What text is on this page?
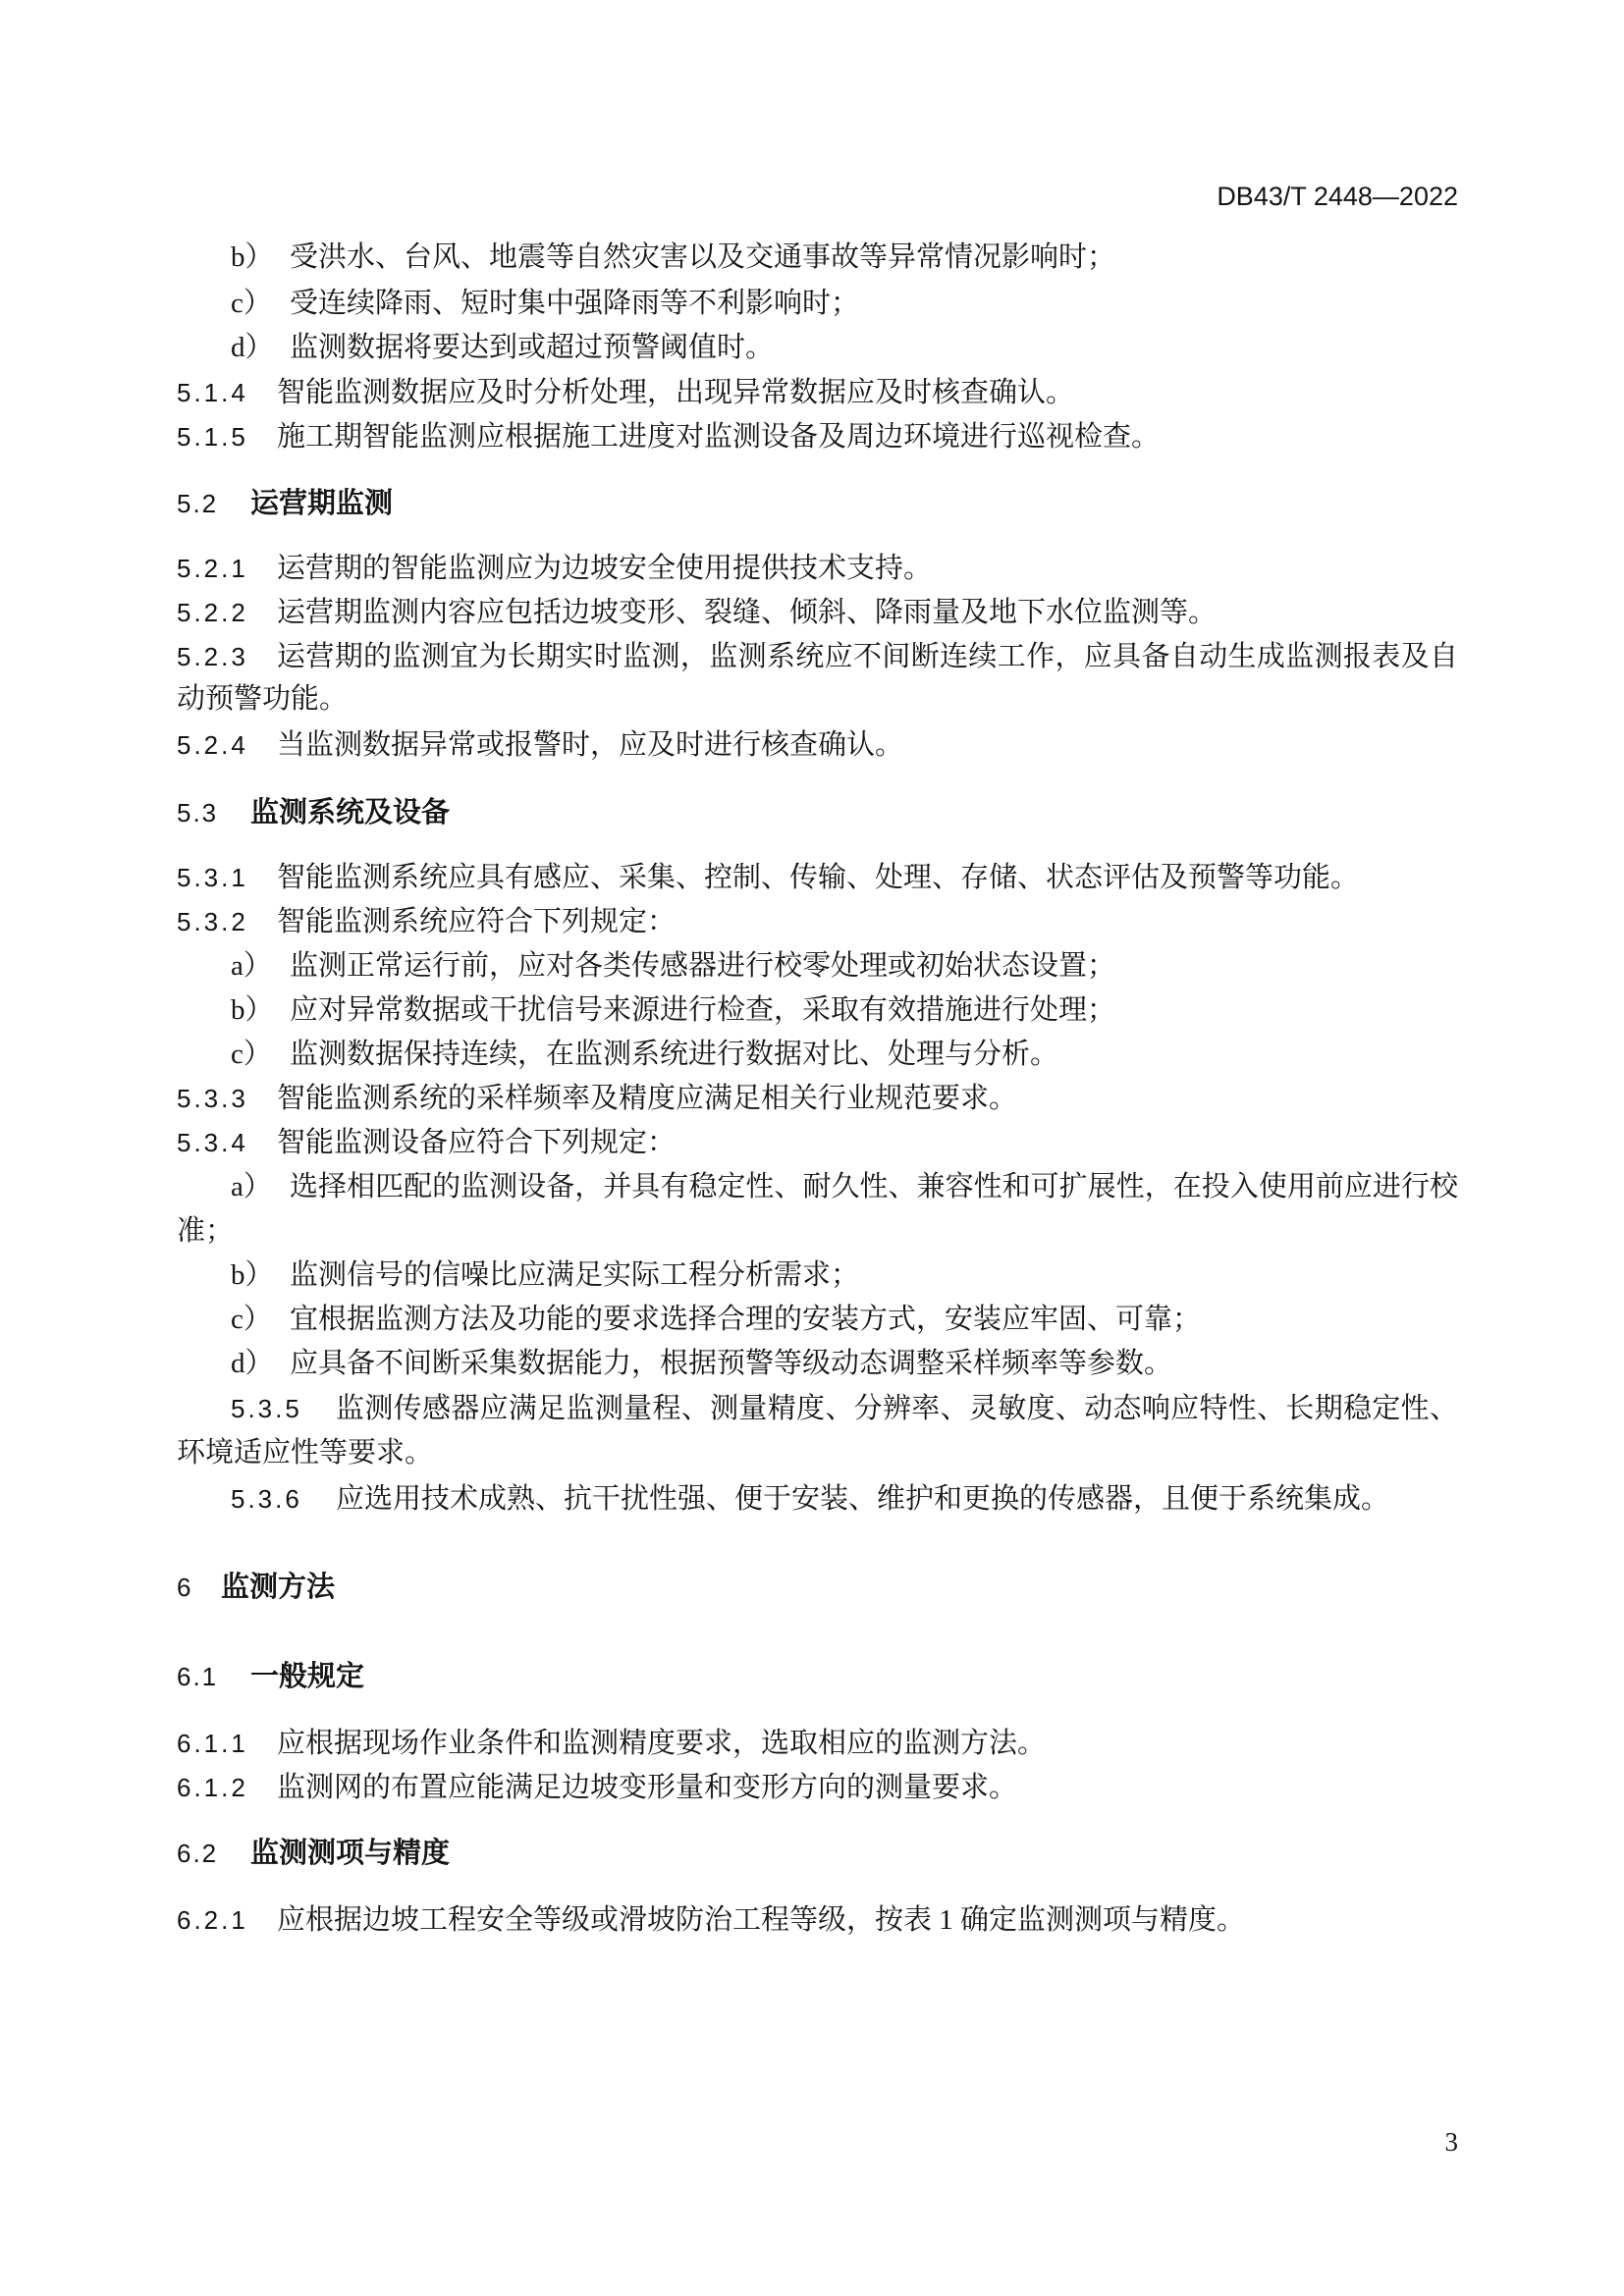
DB43/T 2448—2022
b） 受洪水、台风、地震等自然灾害以及交通事故等异常情况影响时；
c） 受连续降雨、短时集中强降雨等不利影响时；
d） 监测数据将要达到或超过预警阈值时。
5.1.4 智能监测数据应及时分析处理，出现异常数据应及时核查确认。
5.1.5 施工期智能监测应根据施工进度对监测设备及周边环境进行巡视检查。
5.2 运营期监测
5.2.1 运营期的智能监测应为边坡安全使用提供技术支持。
5.2.2 运营期监测内容应包括边坡变形、裂缝、倾斜、降雨量及地下水位监测等。
5.2.3 运营期的监测宜为长期实时监测，监测系统应不间断连续工作，应具备自动生成监测报表及自
动预警功能。
5.2.4 当监测数据异常或报警时，应及时进行核查确认。
5.3 监测系统及设备
5.3.1 智能监测系统应具有感应、采集、控制、传输、处理、存储、状态评估及预警等功能。
5.3.2 智能监测系统应符合下列规定：
a） 监测正常运行前，应对各类传感器进行校零处理或初始状态设置；
b） 应对异常数据或干扰信号来源进行检查，采取有效措施进行处理；
c） 监测数据保持连续，在监测系统进行数据对比、处理与分析。
5.3.3 智能监测系统的采样频率及精度应满足相关行业规范要求。
5.3.4 智能监测设备应符合下列规定：
a） 选择相匹配的监测设备，并具有稳定性、耐久性、兼容性和可扩展性，在投入使用前应进行校
准；
b） 监测信号的信噪比应满足实际工程分析需求；
c） 宜根据监测方法及功能的要求选择合理的安装方式，安装应牢固、可靠；
d） 应具备不间断采集数据能力，根据预警等级动态调整采样频率等参数。
5.3.5 监测传感器应满足监测量程、测量精度、分辨率、灵敏度、动态响应特性、长期稳定性、
环境适应性等要求。
5.3.6 应选用技术成熟、抗干扰性强、便于安装、维护和更换的传感器，且便于系统集成。
6 监测方法
6.1 一般规定
6.1.1 应根据现场作业条件和监测精度要求，选取相应的监测方法。
6.1.2 监测网的布置应能满足边坡变形量和变形方向的测量要求。
6.2 监测测项与精度
6.2.1 应根据边坡工程安全等级或滑坡防治工程等级，按表 1 确定监测测项与精度。
3
